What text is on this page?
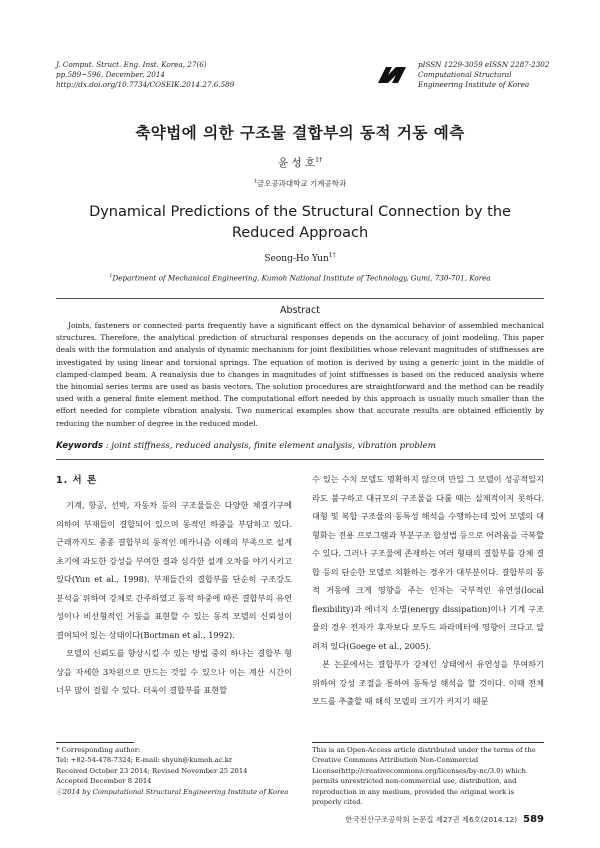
J. Comput. Struct. Eng. Inst. Korea, 27(6)
pp.589~596, December, 2014
http://dx.doi.org/10.7734/COSEIK.2014.27.6.589
pISSN 1229-3059 eISSN 2287-2302
Computational Structural
Engineering Institute of Korea
축약법에 의한 구조물 결합부의 동적 거동 예측
윤 성 호$^{1\dagger}$
$^1$금오공과대학교 기계공학과
Dynamical Predictions of the Structural Connection by the Reduced Approach
Seong-Ho Yun$^{1\dagger}$
$^1$Department of Mechanical Engineering, Kumoh National Institute of Technology, Gumi, 730-701, Korea
Abstract

Joints, fasteners or connected parts frequently have a significant effect on the dynamical behavior of assembled mechanical structures. Therefore, the analytical prediction of structural responses depends on the accuracy of joint modeling. This paper deals with the formulation and analysis of dynamic mechanism for joint flexibilities whose relevant magnitudes of stiffnesses are investigated by using linear and torsional springs. The equation of motion is derived by using a generic joint in the middle of clamped-clamped beam. A reanalysis due to changes in magnitudes of joint stiffnesses is based on the reduced analysis where the binomial series terms are used as basis vectors. The solution procedures are straightforward and the method can be readily used with a general finite element method. The computational effort needed by this approach is usually much smaller than the effort needed for complete vibration analysis. Two numerical examples show that accurate results are obtained efficiently by reducing the number of degree in the reduced model.

Keywords : joint stiffness, reduced analysis, finite element analysis, vibration problem
1. 서 론

기계, 항공, 선박, 자동차 등의 구조물들은 다양한 체결기구에 의하여 부재들이 결합되어 있으며 동적인 하중을 부담하고 있다. 근래까지도 종종 결합부의 동적인 메카니즘 이해의 부족으로 설계 초기에 과도한 강성을 부여한 결과 심각한 설계 오차를 야기시키고 있다(Yun et al., 1998). 부재들간의 결합부를 단순히 구조강도 분석을 위하여 강체로 간주하였고 동적 하중에 따른 결합부의 유연성이나 비선형적인 거동을 표현할 수 있는 동적 모델의 신뢰성이 결여되어 있는 상태이다(Bortman et al., 1992).

모델의 신뢰도를 향상시킬 수 있는 방법 중의 하나는 결합부 형상을 자세한 3차원으로 만드는 것일 수 있으나 이는 계산 시간이 너무 많이 걸릴 수 있다. 더욱이 결합부를 표현할

수 있는 수치 모델도 명확하지 않으며 만일 그 모델이 성공적일지라도 불구하고 대규모의 구조물을 다룰 때는 실제적이지 못하다. 대형 및 복합 구조물의 동특성 해석을 수행하는데 있어 모델의 대형화는 전용 프로그램과 부분구조 합성법 등으로 어려움을 극복할 수 있다. 그러나 구조물에 존재하는 여러 형태의 결합부를 강체 결합 등의 단순한 모델로 치환하는 경우가 대부분이다. 결합부의 동적 거동에 크게 영향을 주는 인자는 국부적인 유연성(local flexibility)과 에너지 소멸(energy dissipation)이나 기계 구조물의 경우 전자가 후자보다 모두드 파라메터에 영향이 크다고 알려져 있다(Goege et al., 2005).

본 논문에서는 결합부가 강체인 상태에서 유연성을 부여하기 위하여 강성 조절을 통하여 동특성 해석을 할 것이다. 이때 전체 모드를 추출할 때 해석 모델의 크기가 커지기 때문

* Corresponding author:
Tel: +82-54-478-7324; E-mail: shyun@kumoh.ac.kr
Received October 23 2014; Revised November 25 2014
Accepted December 8 2014
ⓒ2014 by Computational Structural Engineering Institute of Korea
This is an Open-Access article distributed under the terms of the Creative Commons Attribution Non-Commercial License(http://creativecommons.org/licenses/by-nc/3.0) which permits unrestricted non-commercial use, distribution, and reproduction in any medium, provided the original work is properly cited.
한국전산구조공학회 논문집 제27권 제6호(2014.12) 589
